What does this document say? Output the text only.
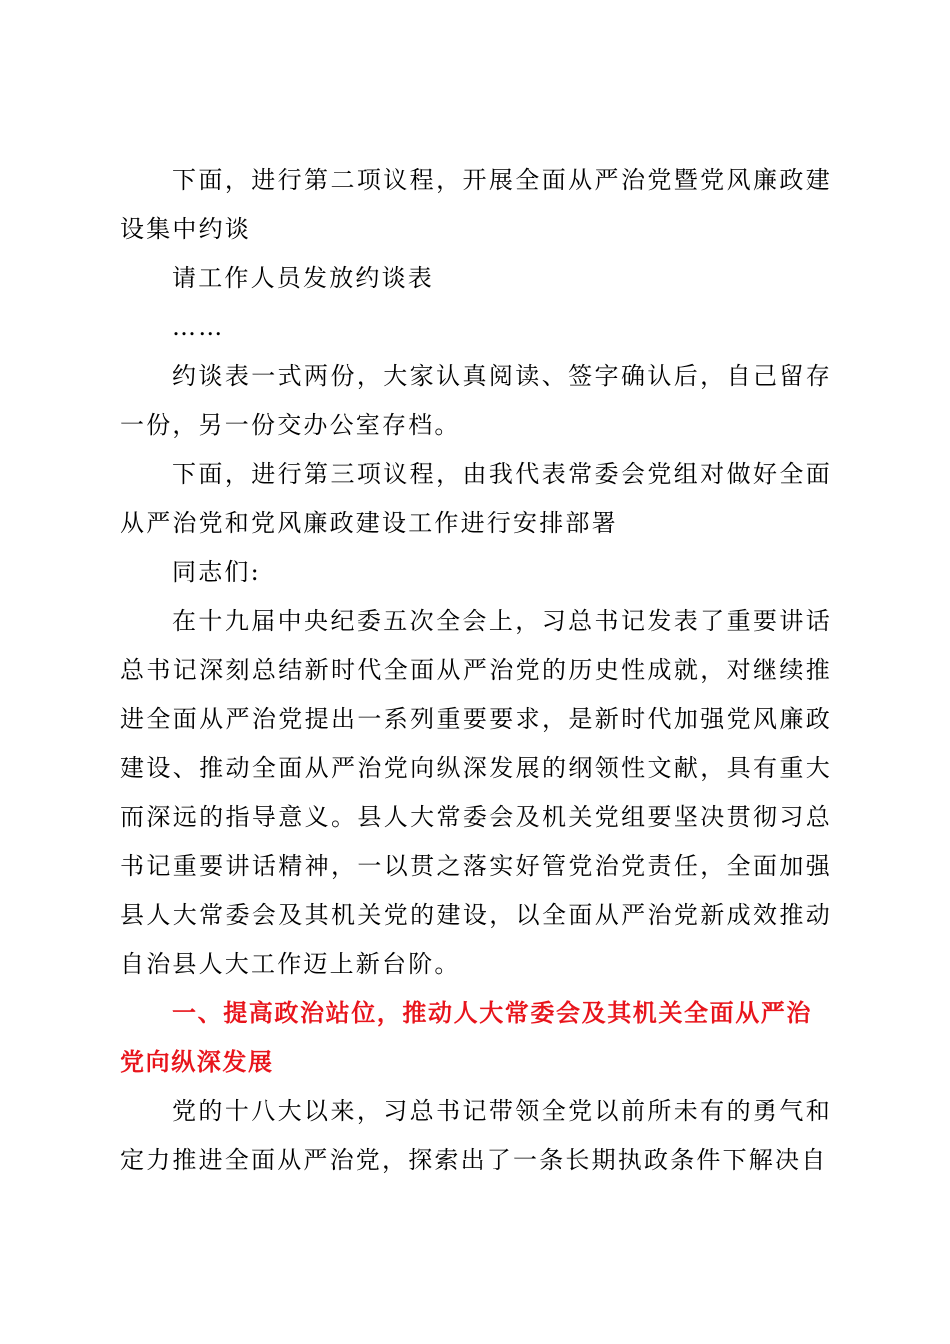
下面，进行第二项议程，开展全面从严治党暨党风廉政建设集中约谈

请工作人员发放约谈表

……

约谈表一式两份，大家认真阅读、签字确认后，自己留存一份，另一份交办公室存档。

下面，进行第三项议程，由我代表常委会党组对做好全面从严治党和党风廉政建设工作进行安排部署

同志们:

在十九届中央纪委五次全会上，习总书记发表了重要讲话总书记深刻总结新时代全面从严治党的历史性成就，对继续推进全面从严治党提出一系列重要要求，是新时代加强党风廉政建设、推动全面从严治党向纵深发展的纲领性文献，具有重大而深远的指导意义。县人大常委会及机关党组要坚决贯彻习总书记重要讲话精神，一以贯之落实好管党治党责任，全面加强县人大常委会及其机关党的建设，以全面从严治党新成效推动自治县人大工作迈上新台阶。

一、提高政治站位，推动人大常委会及其机关全面从严治党向纵深发展

党的十八大以来，习总书记带领全党以前所未有的勇气和定力推进全面从严治党，探索出了一条长期执政条件下解决自
